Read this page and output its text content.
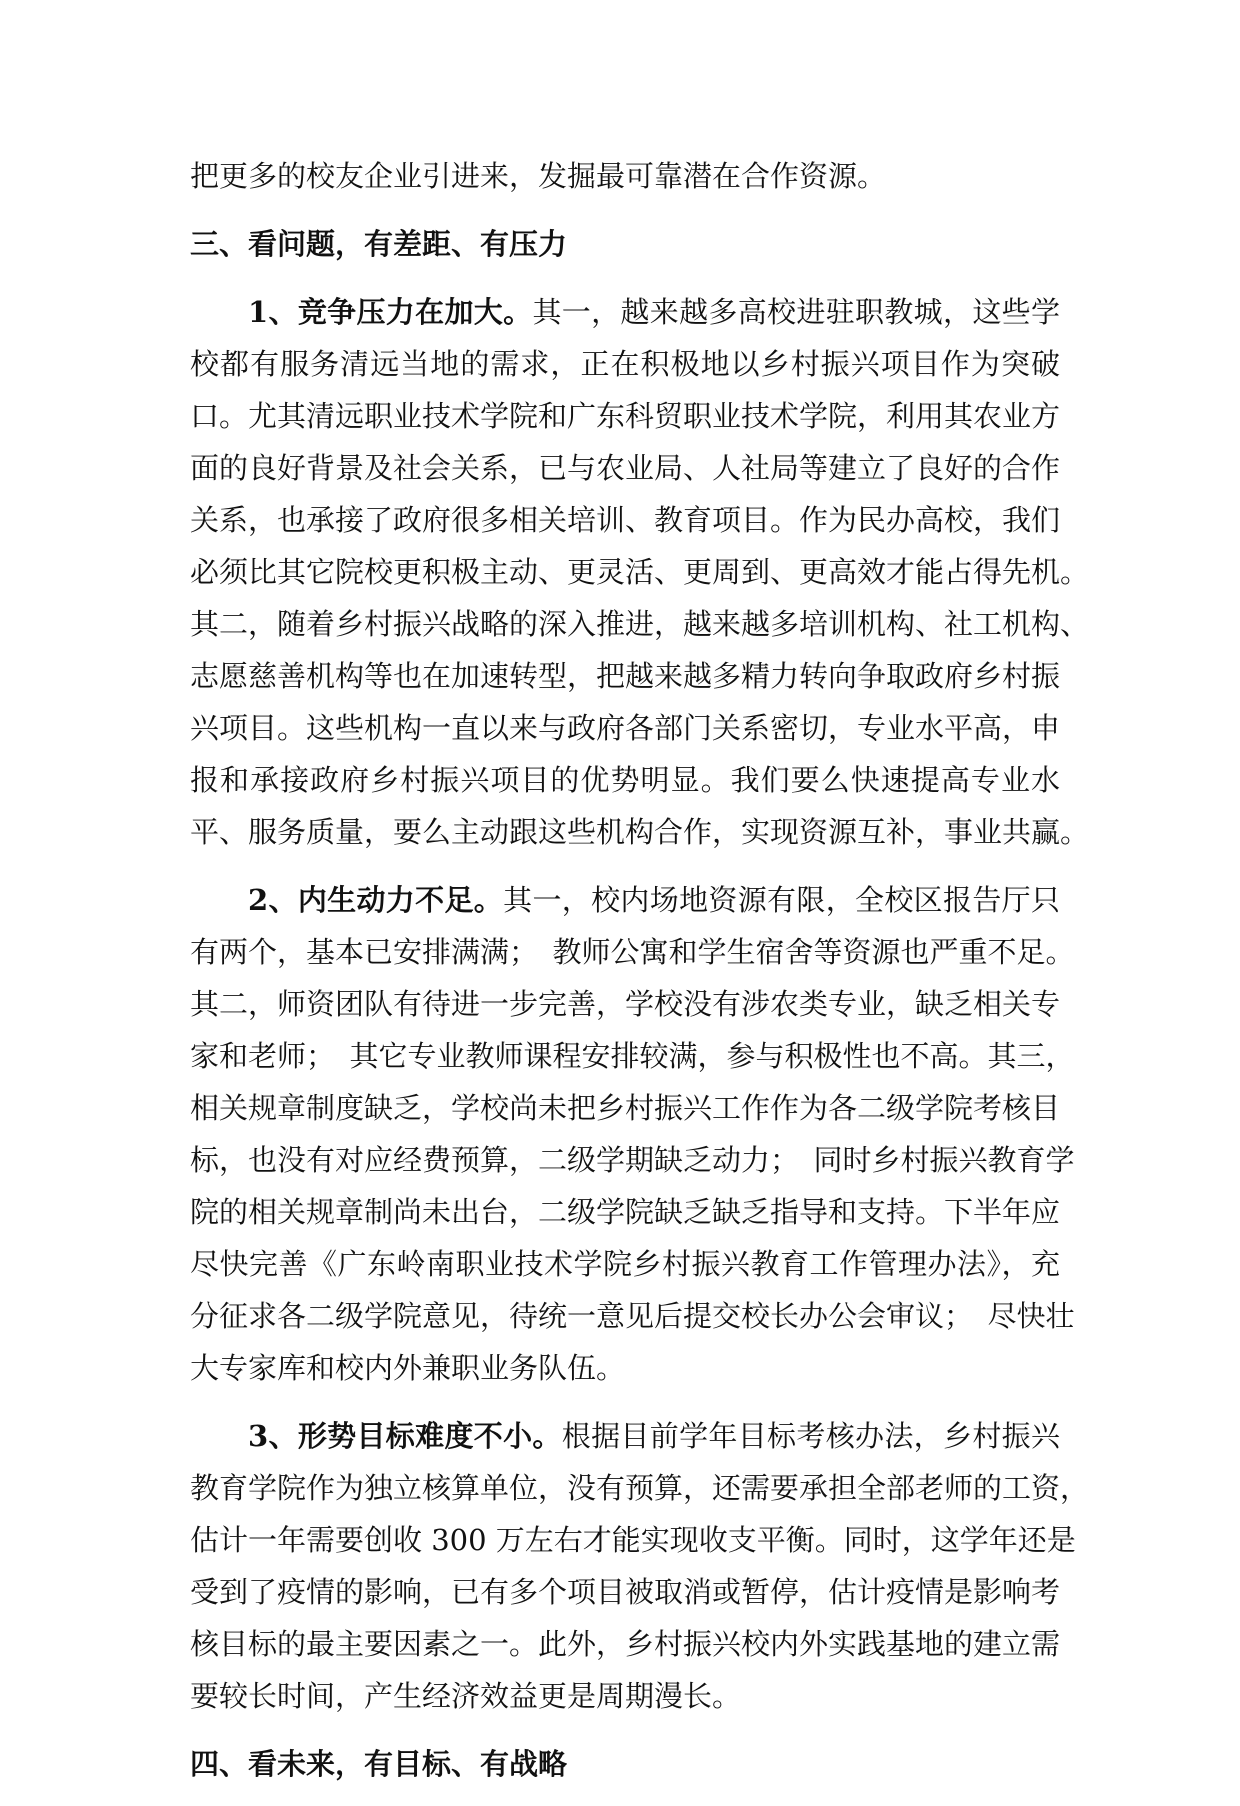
把更多的校友企业引进来，发掘最可靠潜在合作资源。
三、看问题，有差距、有压力
1、竞争压力在加大。其一，越来越多高校进驻职教城，这些学
校都有服务清远当地的需求，正在积极地以乡村振兴项目作为突破
口。尤其清远职业技术学院和广东科贸职业技术学院，利用其农业方
面的良好背景及社会关系，已与农业局、人社局等建立了良好的合作
关系，也承接了政府很多相关培训、教育项目。作为民办高校，我们
必须比其它院校更积极主动、更灵活、更周到、更高效才能占得先机。
其二，随着乡村振兴战略的深入推进，越来越多培训机构、社工机构、
志愿慈善机构等也在加速转型，把越来越多精力转向争取政府乡村振
兴项目。这些机构一直以来与政府各部门关系密切，专业水平高，申
报和承接政府乡村振兴项目的优势明显。我们要么快速提高专业水
平、服务质量，要么主动跟这些机构合作，实现资源互补，事业共赢。
2、内生动力不足。其一，校内场地资源有限，全校区报告厅只
有两个，基本已安排满满；　教师公寓和学生宿舍等资源也严重不足。
其二，师资团队有待进一步完善，学校没有涉农类专业，缺乏相关专
家和老师；　其它专业教师课程安排较满，参与积极性也不高。其三，
相关规章制度缺乏，学校尚未把乡村振兴工作作为各二级学院考核目
标，也没有对应经费预算，二级学期缺乏动力；　同时乡村振兴教育学
院的相关规章制尚未出台，二级学院缺乏缺乏指导和支持。下半年应
尽快完善《广东岭南职业技术学院乡村振兴教育工作管理办法》，充
分征求各二级学院意见，待统一意见后提交校长办公会审议；　尽快壮
大专家库和校内外兼职业务队伍。
3、形势目标难度不小。根据目前学年目标考核办法，乡村振兴
教育学院作为独立核算单位，没有预算，还需要承担全部老师的工资，
估计一年需要创收 300 万左右才能实现收支平衡。同时，这学年还是
受到了疫情的影响，已有多个项目被取消或暂停，估计疫情是影响考
核目标的最主要因素之一。此外，乡村振兴校内外实践基地的建立需
要较长时间，产生经济效益更是周期漫长。
四、看未来，有目标、有战略
